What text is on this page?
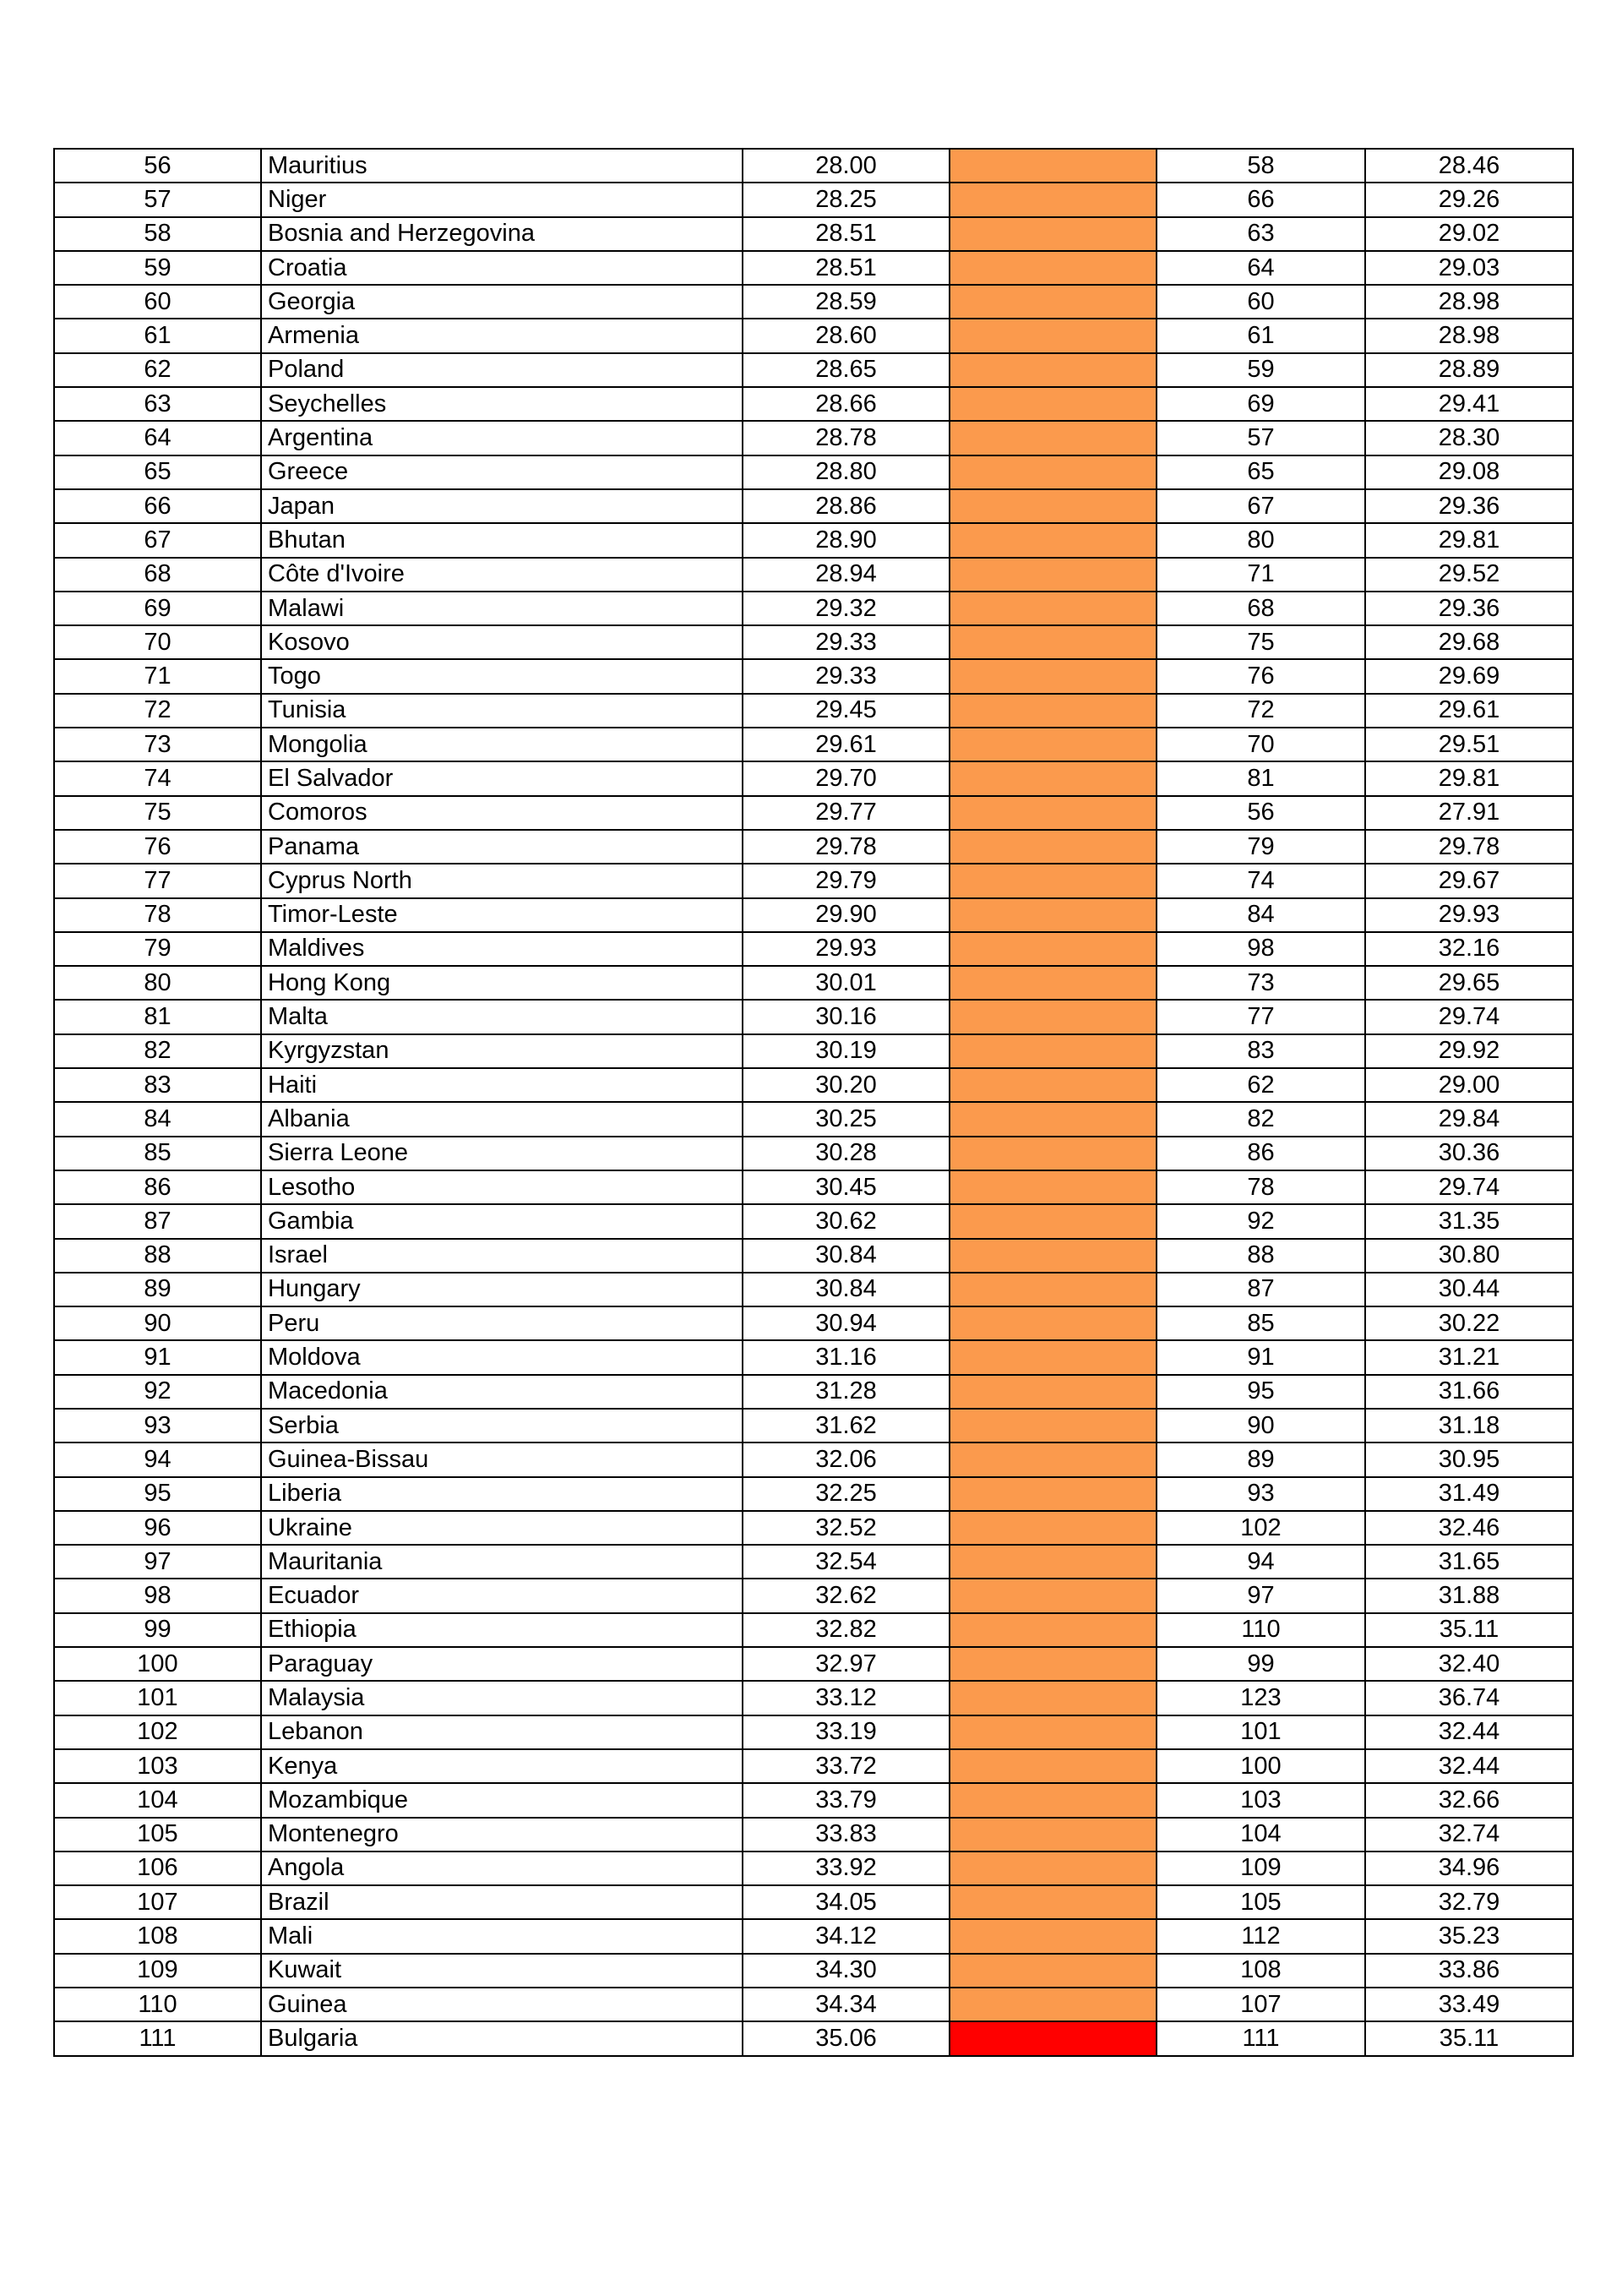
56	Mauritius	28.00		58	28.46
57	Niger	28.25		66	29.26
58	Bosnia and Herzegovina	28.51		63	29.02
59	Croatia	28.51		64	29.03
60	Georgia	28.59		60	28.98
61	Armenia	28.60		61	28.98
62	Poland	28.65		59	28.89
63	Seychelles	28.66		69	29.41
64	Argentina	28.78		57	28.30
65	Greece	28.80		65	29.08
66	Japan	28.86		67	29.36
67	Bhutan	28.90		80	29.81
68	Côte d'Ivoire	28.94		71	29.52
69	Malawi	29.32		68	29.36
70	Kosovo	29.33		75	29.68
71	Togo	29.33		76	29.69
72	Tunisia	29.45		72	29.61
73	Mongolia	29.61		70	29.51
74	El Salvador	29.70		81	29.81
75	Comoros	29.77		56	27.91
76	Panama	29.78		79	29.78
77	Cyprus North	29.79		74	29.67
78	Timor-Leste	29.90		84	29.93
79	Maldives	29.93		98	32.16
80	Hong Kong	30.01		73	29.65
81	Malta	30.16		77	29.74
82	Kyrgyzstan	30.19		83	29.92
83	Haiti	30.20		62	29.00
84	Albania	30.25		82	29.84
85	Sierra Leone	30.28		86	30.36
86	Lesotho	30.45		78	29.74
87	Gambia	30.62		92	31.35
88	Israel	30.84		88	30.80
89	Hungary	30.84		87	30.44
90	Peru	30.94		85	30.22
91	Moldova	31.16		91	31.21
92	Macedonia	31.28		95	31.66
93	Serbia	31.62		90	31.18
94	Guinea-Bissau	32.06		89	30.95
95	Liberia	32.25		93	31.49
96	Ukraine	32.52		102	32.46
97	Mauritania	32.54		94	31.65
98	Ecuador	32.62		97	31.88
99	Ethiopia	32.82		110	35.11
100	Paraguay	32.97		99	32.40
101	Malaysia	33.12		123	36.74
102	Lebanon	33.19		101	32.44
103	Kenya	33.72		100	32.44
104	Mozambique	33.79		103	32.66
105	Montenegro	33.83		104	32.74
106	Angola	33.92		109	34.96
107	Brazil	34.05		105	32.79
108	Mali	34.12		112	35.23
109	Kuwait	34.30		108	33.86
110	Guinea	34.34		107	33.49
111	Bulgaria	35.06		111	35.11
